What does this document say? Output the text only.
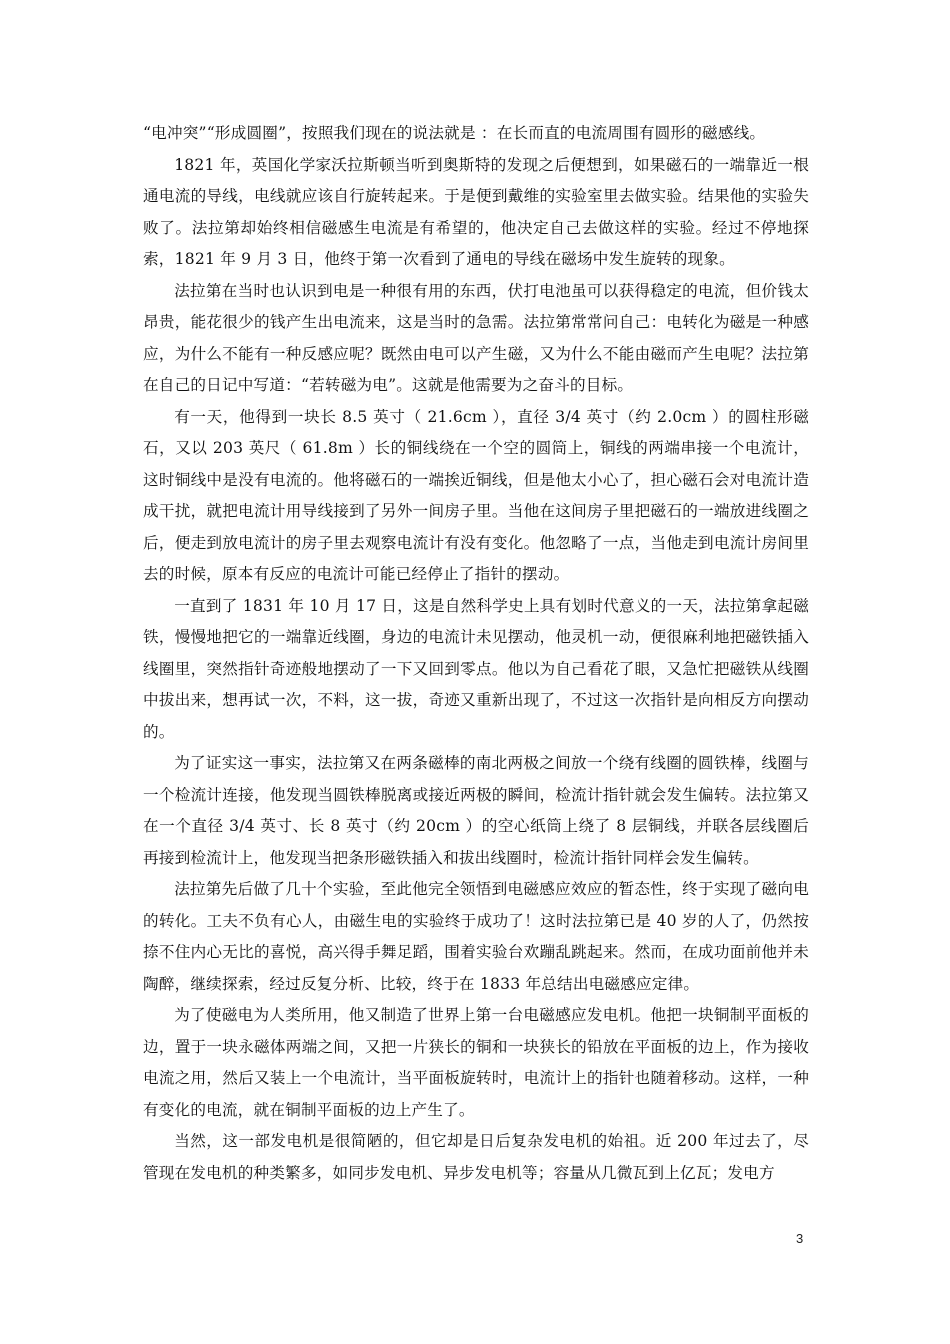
“电冲突”“形成圆圈”，按照我们现在的说法就是 ：在长而直的电流周围有圆形的磁感线。

1821 年，英国化学家沃拉斯顿当听到奥斯特的发现之后便想到，如果磁石的一端靠近一根通电流的导线，电线就应该自行旋转起来。于是便到戴维的实验室里去做实验。结果他的实验失败了。法拉第却始终相信磁感生电流是有希望的，他决定自己去做这样的实验。经过不停地探索，1821 年 9 月 3 日，他终于第一次看到了通电的导线在磁场中发生旋转的现象。

法拉第在当时也认识到电是一种很有用的东西，伏打电池虽可以获得稳定的电流，但价钱太昂贵，能花很少的钱产生出电流来，这是当时的急需。法拉第常常问自己：电转化为磁是一种感应，为什么不能有一种反感应呢？既然由电可以产生磁，又为什么不能由磁而产生电呢？法拉第在自己的日记中写道：“若转磁为电”。这就是他需要为之奋斗的目标。

有一天，他得到一块长 8.5 英寸（ 21.6cm ），直径 3/4 英寸（约 2.0cm ）的圆柱形磁石，又以 203 英尺（ 61.8m ）长的铜线绕在一个空的圆筒上，铜线的两端串接一个电流计，这时铜线中是没有电流的。他将磁石的一端挨近铜线，但是他太小心了，担心磁石会对电流计造成干扰，就把电流计用导线接到了另外一间房子里。当他在这间房子里把磁石的一端放进线圈之后，便走到放电流计的房子里去观察电流计有没有变化。他忽略了一点，当他走到电流计房间里去的时候，原本有反应的电流计可能已经停止了指针的摆动。

一直到了 1831 年 10 月 17 日，这是自然科学史上具有划时代意义的一天，法拉第拿起磁铁，慢慢地把它的一端靠近线圈，身边的电流计未见摆动，他灵机一动，便很麻利地把磁铁插入线圈里，突然指针奇迹般地摆动了一下又回到零点。他以为自己看花了眼，又急忙把磁铁从线圈中拔出来，想再试一次，不料，这一拔，奇迹又重新出现了，不过这一次指针是向相反方向摆动的。

为了证实这一事实，法拉第又在两条磁棒的南北两极之间放一个绕有线圈的圆铁棒，线圈与一个检流计连接，他发现当圆铁棒脱离或接近两极的瞬间，检流计指针就会发生偏转。法拉第又在一个直径 3/4 英寸、长 8 英寸（约 20cm ）的空心纸筒上绕了 8 层铜线，并联各层线圈后再接到检流计上，他发现当把条形磁铁插入和拔出线圈时，检流计指针同样会发生偏转。

法拉第先后做了几十个实验，至此他完全领悟到电磁感应效应的暂态性，终于实现了磁向电的转化。工夫不负有心人，由磁生电的实验终于成功了！这时法拉第已是 40 岁的人了，仍然按捺不住内心无比的喜悦，高兴得手舞足蹈，围着实验台欢蹦乱跳起来。然而，在成功面前他并未陶醉，继续探索，经过反复分析、比较，终于在 1833 年总结出电磁感应定律。

为了使磁电为人类所用，他又制造了世界上第一台电磁感应发电机。他把一块铜制平面板的边，置于一块永磁体两端之间，又把一片狭长的铜和一块狭长的铅放在平面板的边上，作为接收电流之用，然后又装上一个电流计，当平面板旋转时，电流计上的指针也随着移动。这样，一种有变化的电流，就在铜制平面板的边上产生了。

当然，这一部发电机是很简陋的，但它却是日后复杂发电机的始祖。近 200 年过去了，尽管现在发电机的种类繁多，如同步发电机、异步发电机等；容量从几微瓦到上亿瓦；发电方

3
